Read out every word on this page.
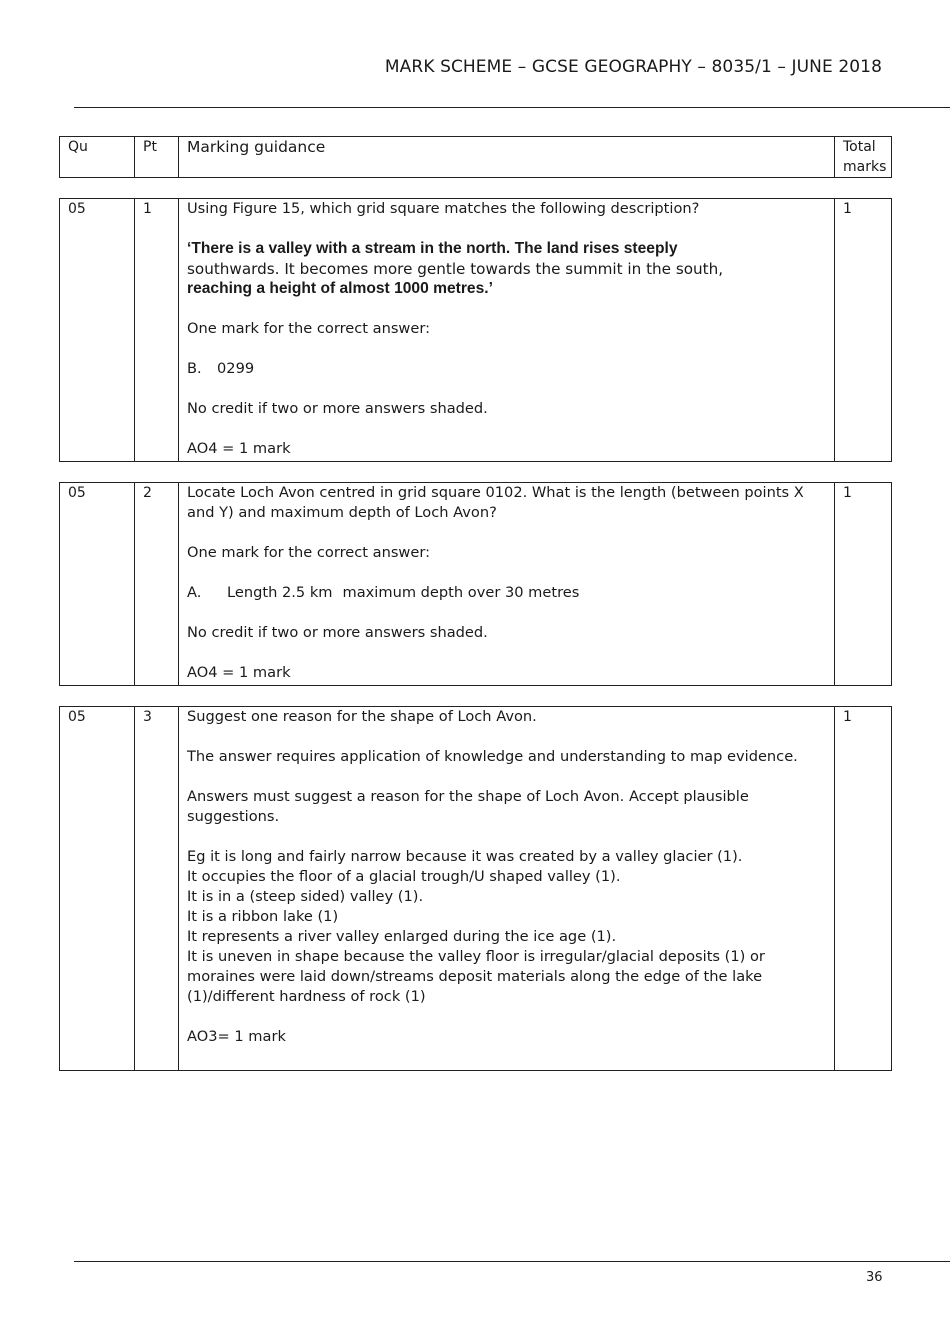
MARK SCHEME – GCSE GEOGRAPHY – 8035/1 – JUNE 2018
Qu	Pt	Marking guidance	Total
marks
05	1	Using Figure 15, which grid square matches the following description?

‘There is a valley with a stream in the north. The land rises steeply
southwards. It becomes more gentle towards the summit in the south,
reaching a height of almost 1000 metres.’

One mark for the correct answer:

B. 0299

No credit if two or more answers shaded.

AO4 = 1 mark

	1
05	2	Locate Loch Avon centred in grid square 0102. What is the length (between points X and Y) and maximum depth of Loch Avon?

One mark for the correct answer:

A. Length 2.5 km maximum depth over 30 metres

No credit if two or more answers shaded.

AO4 = 1 mark

	1
05	3	Suggest one reason for the shape of Loch Avon.

The answer requires application of knowledge and understanding to map evidence.

Answers must suggest a reason for the shape of Loch Avon. Accept plausible suggestions.

Eg it is long and fairly narrow because it was created by a valley glacier (1).
It occupies the floor of a glacial trough/U shaped valley (1).
It is in a (steep sided) valley (1).
It is a ribbon lake (1)
It represents a river valley enlarged during the ice age (1).
It is uneven in shape because the valley floor is irregular/glacial deposits (1) or moraines were laid down/streams deposit materials along the edge of the lake (1)/different hardness of rock (1)

AO3= 1 mark

	1
36
